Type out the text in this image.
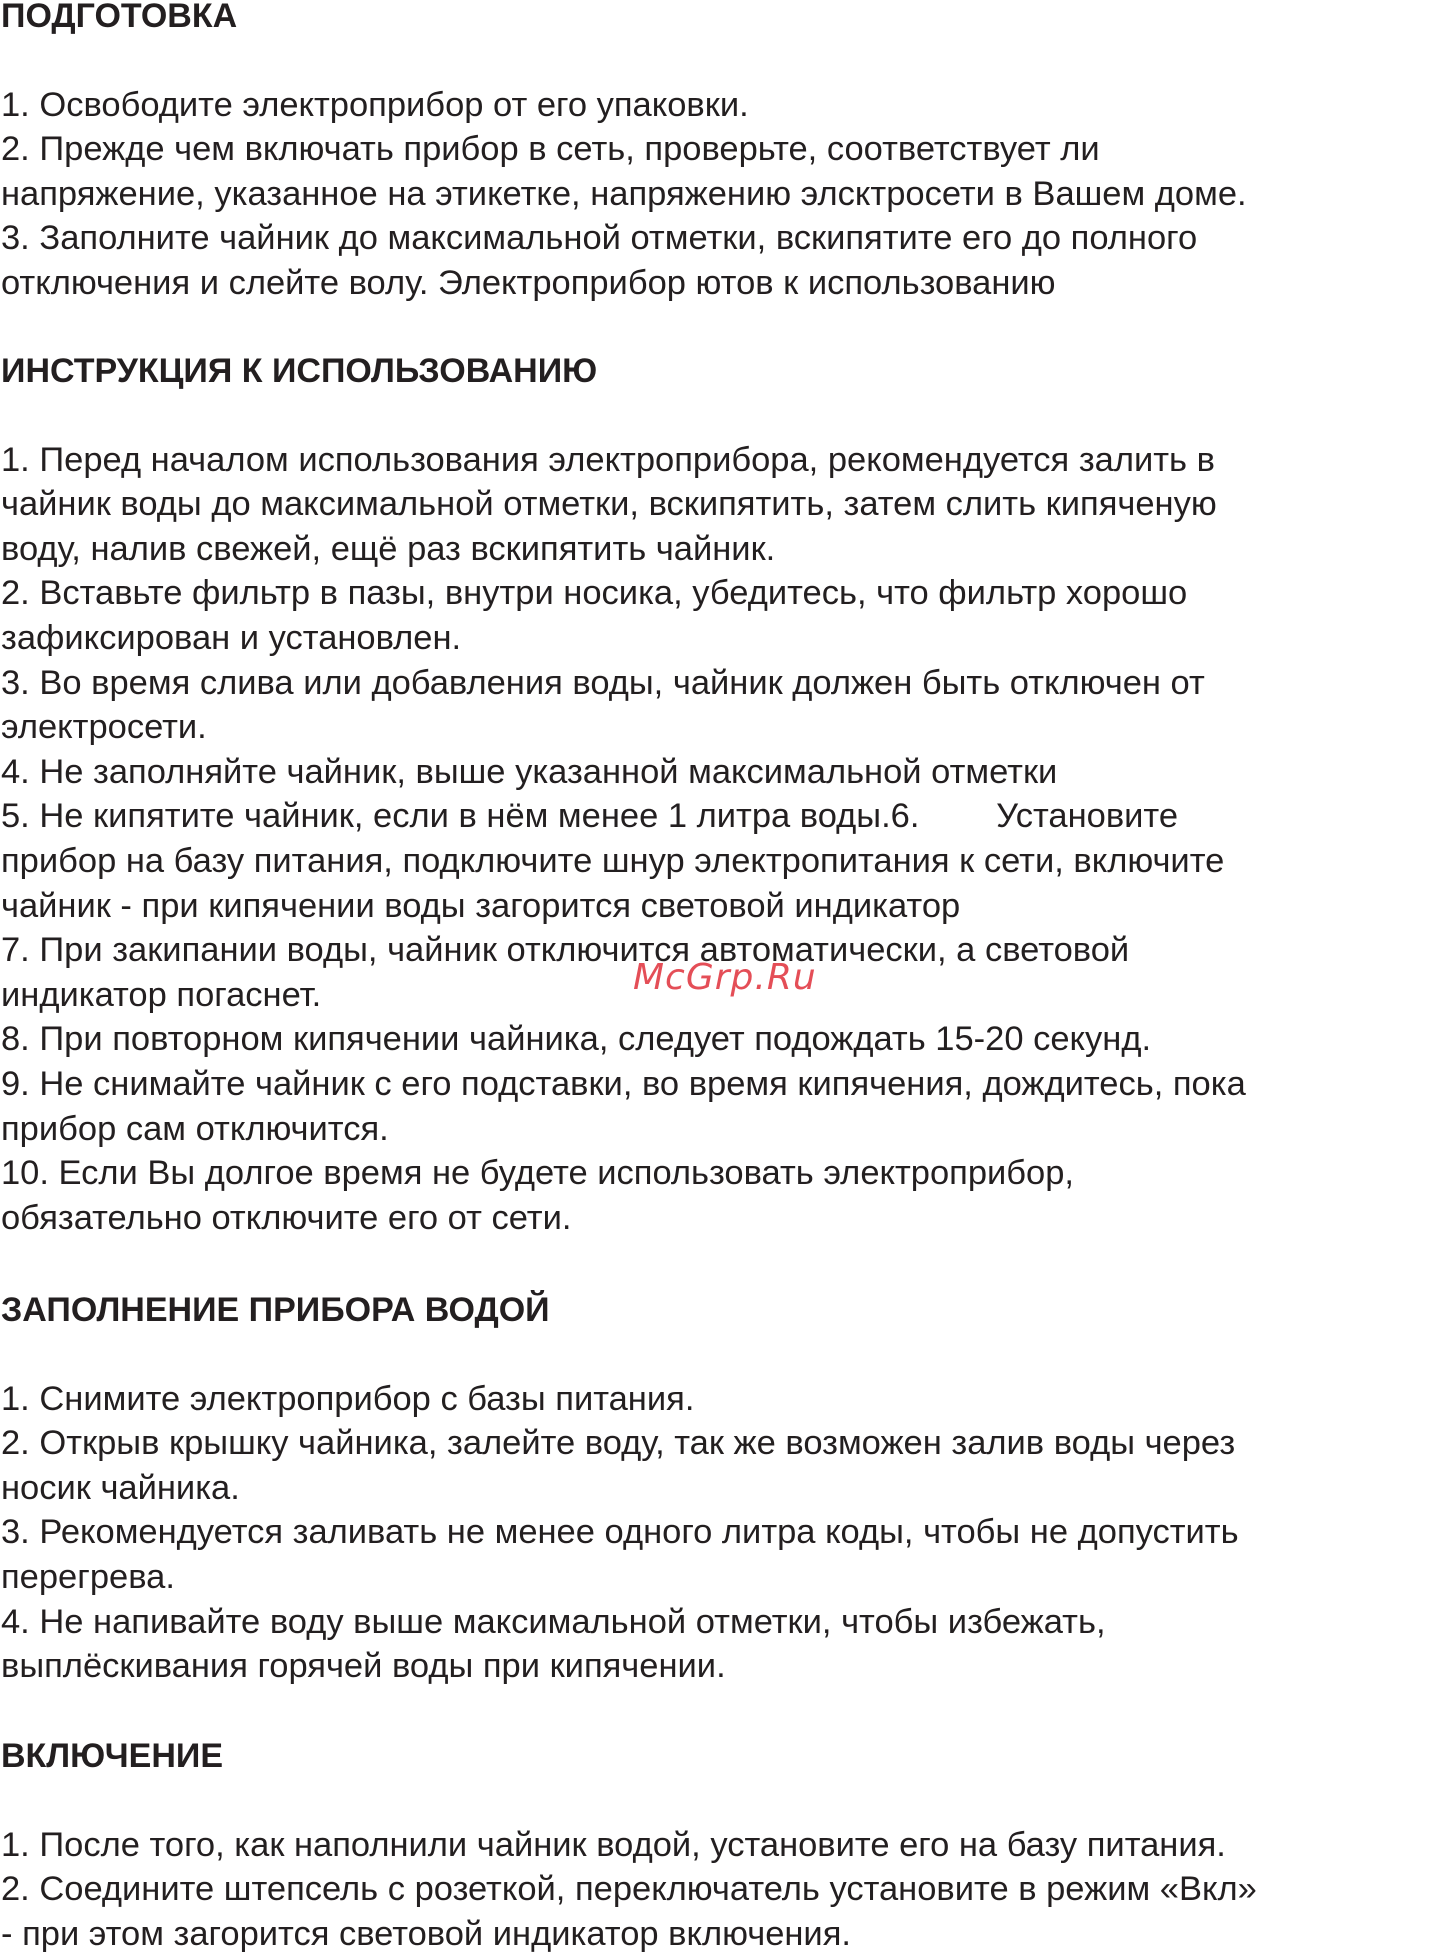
ПОДГОТОВКА

1. Освободите электроприбор от его упаковки.

2. Прежде чем включать прибор в сеть, проверьте, соответствует ли

напряжение, указанное на этикетке, напряжению элсктросети в Вашем доме.

3. Заполните чайник до максимальной отметки, вскипятите его до полного

отключения и слейте волу. Электроприбор ютов к использованию

ИНСТРУКЦИЯ К ИСПОЛЬЗОВАНИЮ

1. Перед началом использования электроприбора, рекомендуется залить в

чайник воды до максимальной отметки, вскипятить, затем слить кипяченую

воду, налив свежей, ещё раз вскипятить чайник.

2. Вставьте фильтр в пазы, внутри носика, убедитесь, что фильтр хорошо

зафиксирован и установлен.

3. Во время слива или добавления воды, чайник должен быть отключен от

электросети.

4. Не заполняйте чайник, выше указанной максимальной отметки

5. Не кипятите чайник, если в нём менее 1 литра воды.6.        Установите

прибор на базу питания, подключите шнур электропитания к сети, включите

чайник - при кипячении воды загорится световой индикатор

7. При закипании воды, чайник отключится автоматически, а световой

индикатор погаснет.

8. При повторном кипячении чайника, следует подождать 15-20 секунд.

9. Не снимайте чайник с его подставки, во время кипячения, дождитесь, пока

прибор сам отключится.

10. Если Вы долгое время не будете использовать электроприбор,

обязательно отключите его от сети.

ЗАПОЛНЕНИЕ ПРИБОРА ВОДОЙ

1. Снимите электроприбор с базы питания.

2. Открыв крышку чайника, залейте воду, так же возможен залив воды через

носик чайника.

3. Рекомендуется заливать не менее одного литра коды, чтобы не допустить

перегрева.

4. Не напивайте воду выше максимальной отметки, чтобы избежать,

выплёскивания горячей воды при кипячении.

ВКЛЮЧЕНИЕ

1. После того, как наполнили чайник водой, установите его на базу питания.

2. Соедините штепсель с розеткой, переключатель установите в режим «Вкл»

- при этом загорится световой индикатор включения.

McGrp.Ru
